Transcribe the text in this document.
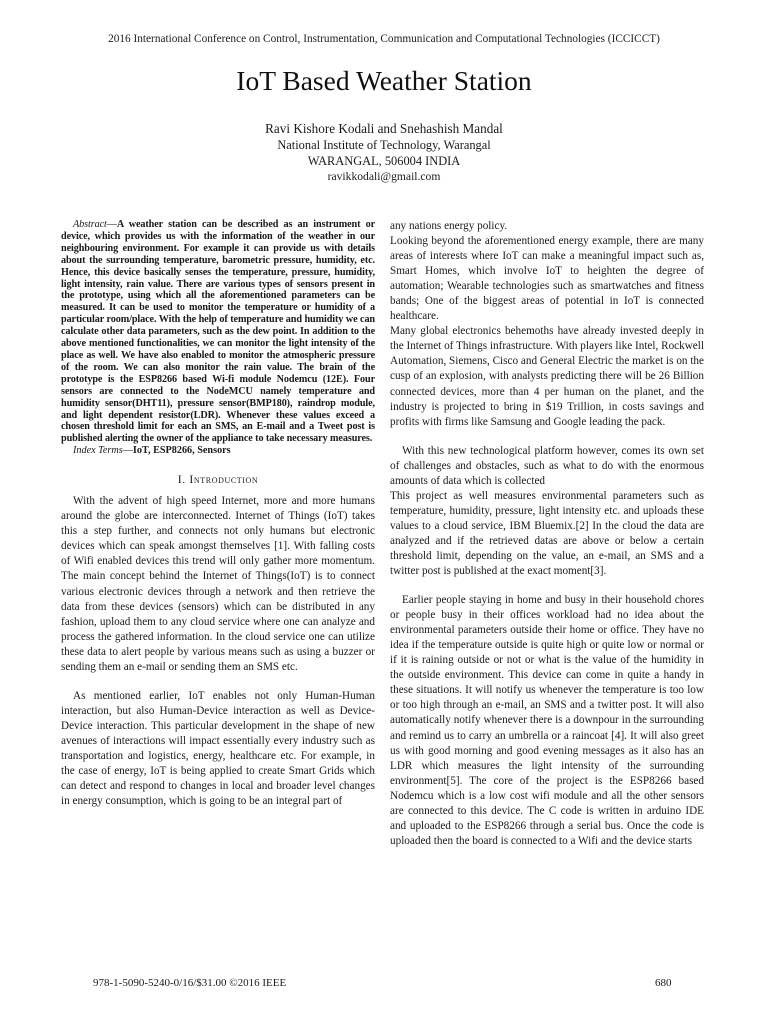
2016 International Conference on Control, Instrumentation, Communication and Computational Technologies (ICCICCT)
IoT Based Weather Station
Ravi Kishore Kodali and Snehashish Mandal
National Institute of Technology, Warangal
WARANGAL, 506004 INDIA
ravikkodali@gmail.com

Abstract—A weather station can be described as an instrument or device, which provides us with the information of the weather in our neighbouring environment. For example it can provide us with details about the surrounding temperature, barometric pressure, humidity, etc. Hence, this device basically senses the temperature, pressure, humidity, light intensity, rain value. There are various types of sensors present in the prototype, using which all the aforementioned parameters can be measured. It can be used to monitor the temperature or humidity of a particular room/place. With the help of temperature and humidity we can calculate other data parameters, such as the dew point. In addition to the above mentioned functionalities, we can monitor the light intensity of the place as well. We have also enabled to monitor the atmospheric pressure of the room. We can also monitor the rain value. The brain of the prototype is the ESP8266 based Wi-fi module Nodemcu (12E). Four sensors are connected to the NodeMCU namely temperature and humidity sensor(DHT11), pressure sensor(BMP180), raindrop module, and light dependent resistor(LDR). Whenever these values exceed a chosen threshold limit for each an SMS, an E-mail and a Tweet post is published alerting the owner of the appliance to take necessary measures.

Index Terms—IoT, ESP8266, Sensors

I. Introduction

With the advent of high speed Internet, more and more humans around the globe are interconnected. Internet of Things (IoT) takes this a step further, and connects not only humans but electronic devices which can speak amongst themselves [1]. With falling costs of Wifi enabled devices this trend will only gather more momentum. The main concept behind the Internet of Things(IoT) is to connect various electronic devices through a network and then retrieve the data from these devices (sensors) which can be distributed in any fashion, upload them to any cloud service where one can analyze and process the gathered information. In the cloud service one can utilize these data to alert people by various means such as using a buzzer or sending them an e-mail or sending them an SMS etc.

As mentioned earlier, IoT enables not only Human-Human interaction, but also Human-Device interaction as well as Device-Device interaction. This particular development in the shape of new avenues of interactions will impact essentially every industry such as transportation and logistics, energy, healthcare etc. For example, in the case of energy, IoT is being applied to create Smart Grids which can detect and respond to changes in local and broader level changes in energy consumption, which is going to be an integral part of

any nations energy policy.

Looking beyond the aforementioned energy example, there are many areas of interests where IoT can make a meaningful impact such as, Smart Homes, which involve IoT to heighten the degree of automation; Wearable technologies such as smartwatches and fitness bands; One of the biggest areas of potential in IoT is connected healthcare.

Many global electronics behemoths have already invested deeply in the Internet of Things infrastructure. With players like Intel, Rockwell Automation, Siemens, Cisco and General Electric the market is on the cusp of an explosion, with analysts predicting there will be 26 Billion connected devices, more than 4 per human on the planet, and the industry is projected to bring in $19 Trillion, in costs savings and profits with firms like Samsung and Google leading the pack.

With this new technological platform however, comes its own set of challenges and obstacles, such as what to do with the enormous amounts of data which is collected

This project as well measures environmental parameters such as temperature, humidity, pressure, light intensity etc. and uploads these values to a cloud service, IBM Bluemix.[2] In the cloud the data are analyzed and if the retrieved datas are above or below a certain threshold limit, depending on the value, an e-mail, an SMS and a twitter post is published at the exact moment[3].

Earlier people staying in home and busy in their household chores or people busy in their offices workload had no idea about the environmental parameters outside their home or office. They have no idea if the temperature outside is quite high or quite low or normal or if it is raining outside or not or what is the value of the humidity in the outside environment. This device can come in quite a handy in these situations. It will notify us whenever the temperature is too low or too high through an e-mail, an SMS and a twitter post. It will also automatically notify whenever there is a downpour in the surrounding and remind us to carry an umbrella or a raincoat [4]. It will also greet us with good morning and good evening messages as it also has an LDR which measures the light intensity of the surrounding environment[5]. The core of the project is the ESP8266 based Nodemcu which is a low cost wifi module and all the other sensors are connected to this device. The C code is written in arduino IDE and uploaded to the ESP8266 through a serial bus. Once the code is uploaded then the board is connected to a Wifi and the device starts

978-1-5090-5240-0/16/$31.00 ©2016 IEEE	680
